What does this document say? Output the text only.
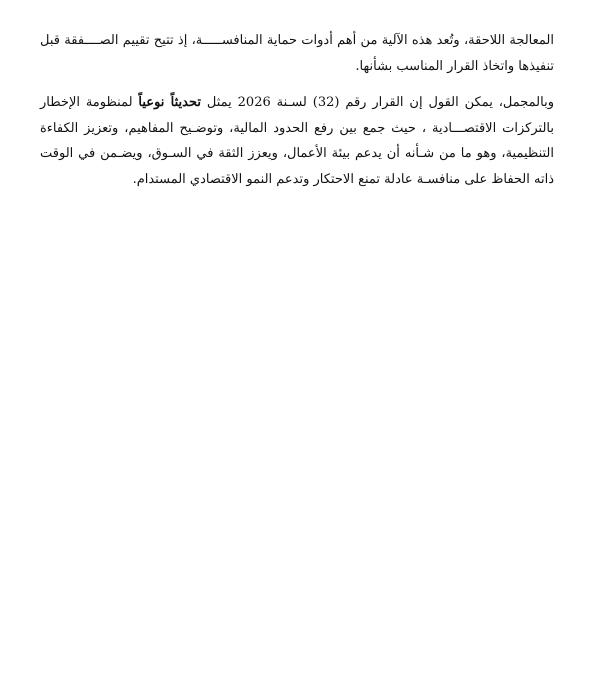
المعالجة اللاحقة، وتُعد هذه الآلية من أهم أدوات حماية المنافســـــة، إذ تتيح تقييم الصــــفقة قبل تنفيذها واتخاذ القرار المناسب بشأنها.

وبالمجمل، يمكن القول إن القرار رقم (32) لسـنة 2026 يمثل تحديثاً نوعياً لمنظومة الإخطار بالتركزات الاقتصـــادية ، حيث جمع بين رفع الحدود المالية، وتوضـيح المفاهيم، وتعزيز الكفاءة التنظيمية، وهو ما من شـأنه أن يدعم بيئة الأعمال، ويعزز الثقة في السـوق، ويضـمن في الوقت ذاته الحفاظ على منافسـة عادلة تمنع الاحتكار وتدعم النمو الاقتصادي المستدام.
